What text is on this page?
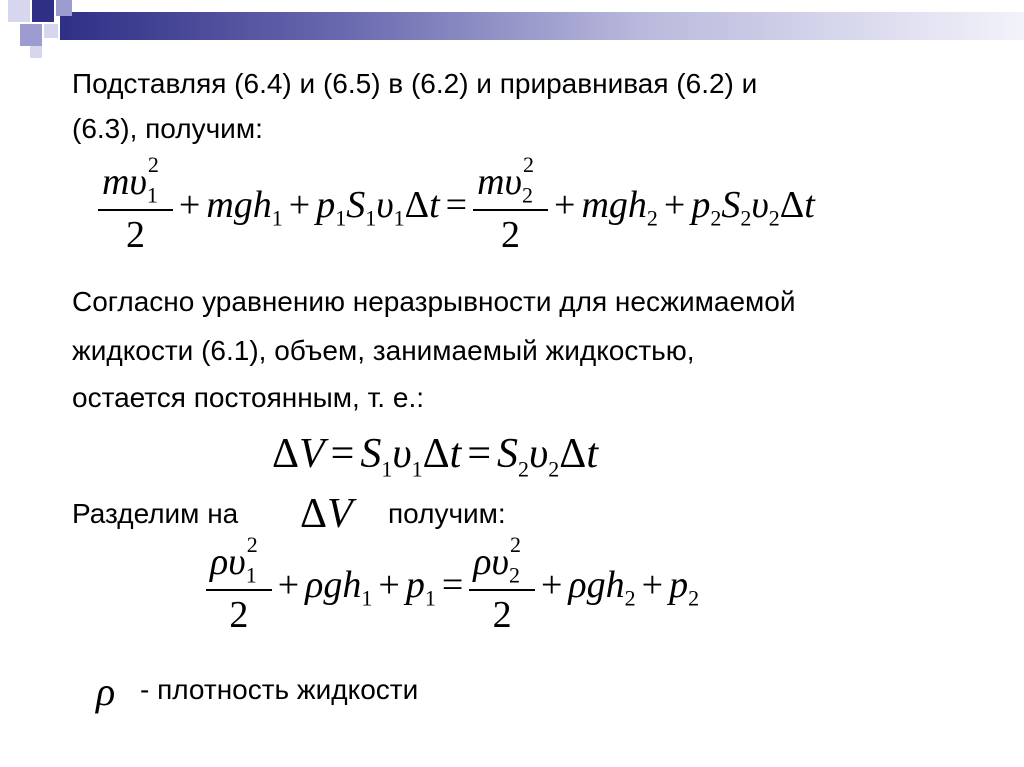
Подставляя (6.4) и (6.5) в (6.2) и приравнивая (6.2) и
(6.3), получим:
$\frac{m\upsilon_1^2}{2} + mgh_1 + p_1S_1\upsilon_1\Delta t = \frac{m\upsilon_2^2}{2} + mgh_2 + p_2S_2\upsilon_2\Delta t$
Согласно уравнению неразрывности для несжимаемой
жидкости (6.1), объем, занимаемый жидкостью,
остается постоянным, т. е.:
$\Delta V = S_1\upsilon_1\Delta t = S_2\upsilon_2\Delta t$
Разделим на ΔV получим:
$\frac{\rho\upsilon_1^2}{2} + \rho gh_1 + p_1 = \frac{\rho\upsilon_2^2}{2} + \rho gh_2 + p_2$
ρ - плотность жидкости
